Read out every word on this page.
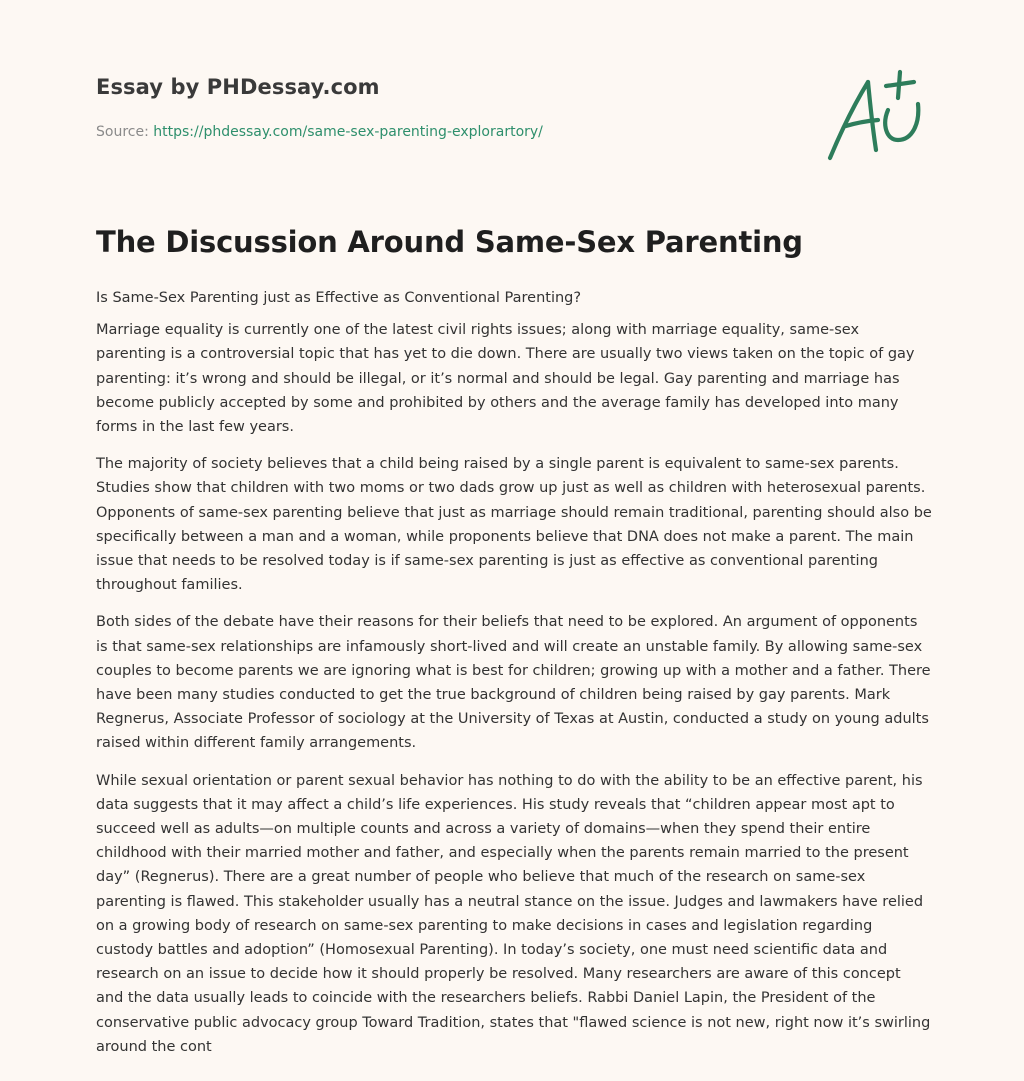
Essay by PHDessay.com
Source: https://phdessay.com/same-sex-parenting-explorartory/
The Discussion Around Same-Sex Parenting

Is Same-Sex Parenting just as Effective as Conventional Parenting?

Marriage equality is currently one of the latest civil rights issues; along with marriage equality, same-sex parenting is a controversial topic that has yet to die down. There are usually two views taken on the topic of gay parenting: it’s wrong and should be illegal, or it’s normal and should be legal. Gay parenting and marriage has become publicly accepted by some and prohibited by others and the average family has developed into many forms in the last few years.

The majority of society believes that a child being raised by a single parent is equivalent to same-sex parents. Studies show that children with two moms or two dads grow up just as well as children with heterosexual parents. Opponents of same-sex parenting believe that just as marriage should remain traditional, parenting should also be specifically between a man and a woman, while proponents believe that DNA does not make a parent. The main issue that needs to be resolved today is if same-sex parenting is just as effective as conventional parenting throughout families.

Both sides of the debate have their reasons for their beliefs that need to be explored. An argument of opponents is that same-sex relationships are infamously short-lived and will create an unstable family. By allowing same-sex couples to become parents we are ignoring what is best for children; growing up with a mother and a father. There have been many studies conducted to get the true background of children being raised by gay parents. Mark Regnerus, Associate Professor of sociology at the University of Texas at Austin, conducted a study on young adults raised within different family arrangements.

While sexual orientation or parent sexual behavior has nothing to do with the ability to be an effective parent, his data suggests that it may affect a child’s life experiences. His study reveals that “children appear most apt to succeed well as adults—on multiple counts and across a variety of domains—when they spend their entire childhood with their married mother and father, and especially when the parents remain married to the present day” (Regnerus). There are a great number of people who believe that much of the research on same-sex parenting is flawed. This stakeholder usually has a neutral stance on the issue. Judges and lawmakers have relied on a growing body of research on same-sex parenting to make decisions in cases and legislation regarding custody battles and adoption” (Homosexual Parenting). In today’s society, one must need scientific data and research on an issue to decide how it should properly be resolved. Many researchers are aware of this concept and the data usually leads to coincide with the researchers beliefs. Rabbi Daniel Lapin, the President of the conservative public advocacy group Toward Tradition, states that "flawed science is not new, right now it’s swirling around the cont
